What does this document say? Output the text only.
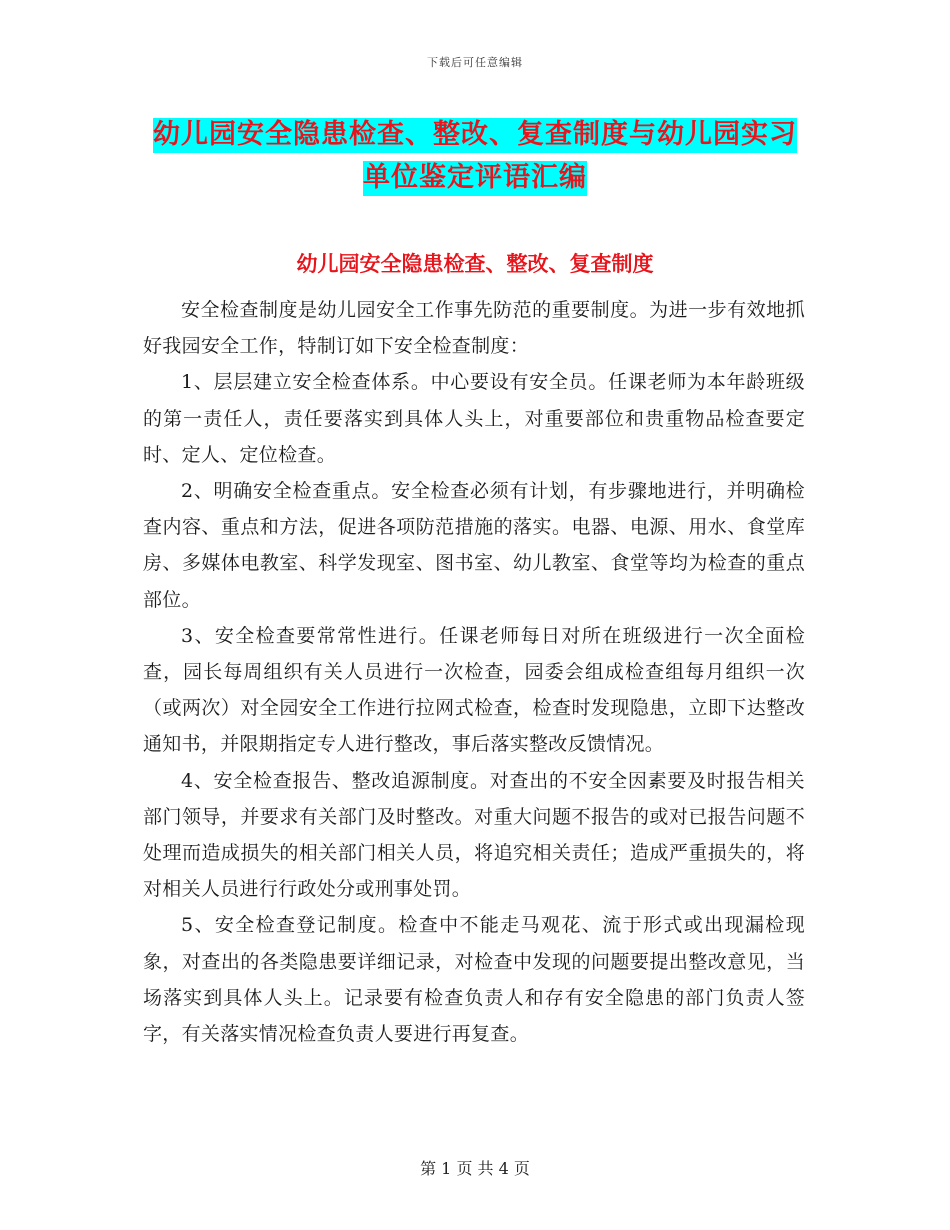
下载后可任意编辑
幼儿园安全隐患检查、整改、复查制度与幼儿园实习
单位鉴定评语汇编
幼儿园安全隐患检查、整改、复查制度

安全检查制度是幼儿园安全工作事先防范的重要制度。为进一步有效地抓好我园安全工作，特制订如下安全检查制度：

1、层层建立安全检查体系。中心要设有安全员。任课老师为本年龄班级的第一责任人，责任要落实到具体人头上，对重要部位和贵重物品检查要定时、定人、定位检查。

2、明确安全检查重点。安全检查必须有计划，有步骤地进行，并明确检查内容、重点和方法，促进各项防范措施的落实。电器、电源、用水、食堂库房、多媒体电教室、科学发现室、图书室、幼儿教室、食堂等均为检查的重点部位。

3、安全检查要常常性进行。任课老师每日对所在班级进行一次全面检查，园长每周组织有关人员进行一次检查，园委会组成检查组每月组织一次（或两次）对全园安全工作进行拉网式检查，检查时发现隐患，立即下达整改通知书，并限期指定专人进行整改，事后落实整改反馈情况。

4、安全检查报告、整改追源制度。对查出的不安全因素要及时报告相关部门领导，并要求有关部门及时整改。对重大问题不报告的或对已报告问题不处理而造成损失的相关部门相关人员，将追究相关责任；造成严重损失的，将对相关人员进行行政处分或刑事处罚。

5、安全检查登记制度。检查中不能走马观花、流于形式或出现漏检现象，对查出的各类隐患要详细记录，对检查中发现的问题要提出整改意见，当场落实到具体人头上。记录要有检查负责人和存有安全隐患的部门负责人签字，有关落实情况检查负责人要进行再复查。

第 1 页 共 4 页
